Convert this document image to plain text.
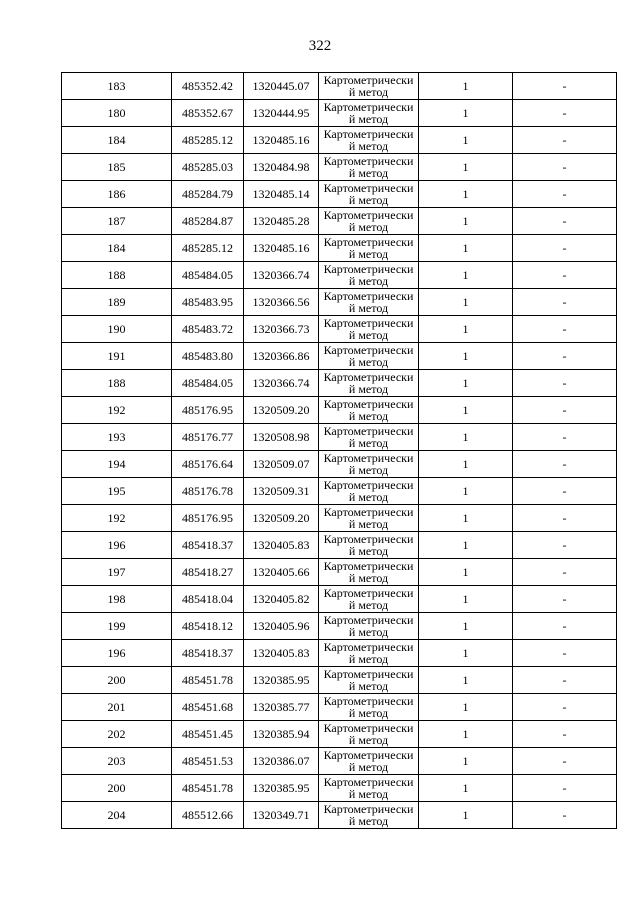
322
183	485352.42	1320445.07	Картометрически й метод	1	-
180	485352.67	1320444.95	Картометрически й метод	1	-
184	485285.12	1320485.16	Картометрически й метод	1	-
185	485285.03	1320484.98	Картометрически й метод	1	-
186	485284.79	1320485.14	Картометрически й метод	1	-
187	485284.87	1320485.28	Картометрически й метод	1	-
184	485285.12	1320485.16	Картометрически й метод	1	-
188	485484.05	1320366.74	Картометрически й метод	1	-
189	485483.95	1320366.56	Картометрически й метод	1	-
190	485483.72	1320366.73	Картометрически й метод	1	-
191	485483.80	1320366.86	Картометрически й метод	1	-
188	485484.05	1320366.74	Картометрически й метод	1	-
192	485176.95	1320509.20	Картометрически й метод	1	-
193	485176.77	1320508.98	Картометрически й метод	1	-
194	485176.64	1320509.07	Картометрически й метод	1	-
195	485176.78	1320509.31	Картометрически й метод	1	-
192	485176.95	1320509.20	Картометрически й метод	1	-
196	485418.37	1320405.83	Картометрически й метод	1	-
197	485418.27	1320405.66	Картометрически й метод	1	-
198	485418.04	1320405.82	Картометрически й метод	1	-
199	485418.12	1320405.96	Картометрически й метод	1	-
196	485418.37	1320405.83	Картометрически й метод	1	-
200	485451.78	1320385.95	Картометрически й метод	1	-
201	485451.68	1320385.77	Картометрически й метод	1	-
202	485451.45	1320385.94	Картометрически й метод	1	-
203	485451.53	1320386.07	Картометрически й метод	1	-
200	485451.78	1320385.95	Картометрически й метод	1	-
204	485512.66	1320349.71	Картометрически й метод	1	-
